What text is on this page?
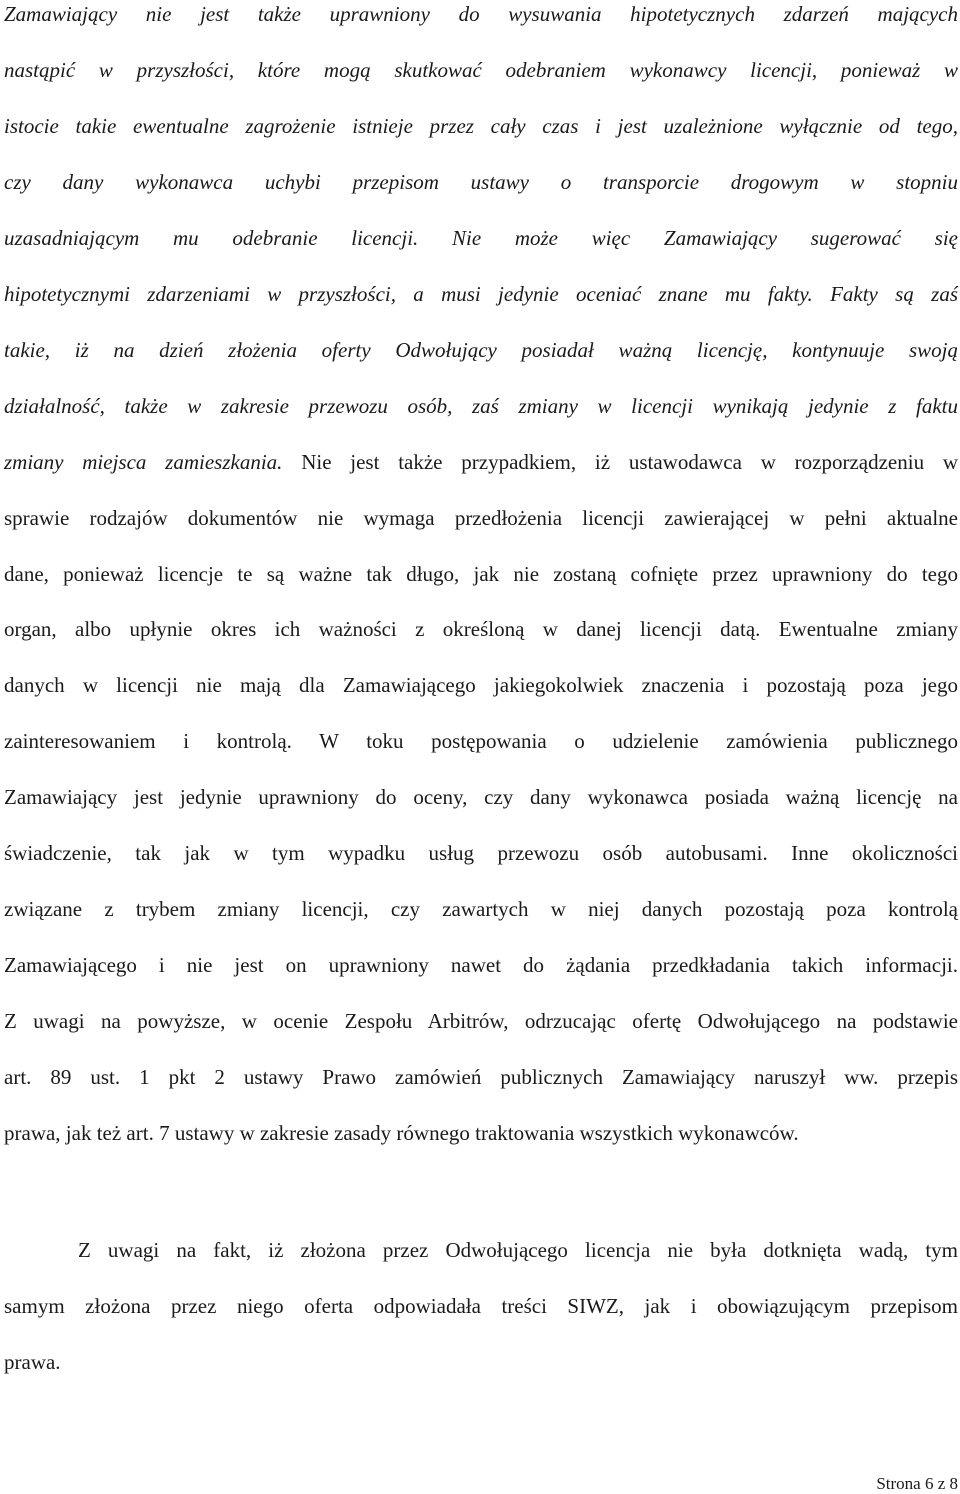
Zamawiający nie jest także uprawniony do wysuwania hipotetycznych zdarzeń mających
nastąpić w przyszłości, które mogą skutkować odebraniem wykonawcy licencji, ponieważ w
istocie takie ewentualne zagrożenie istnieje przez cały czas i jest uzależnione wyłącznie od tego,
czy dany wykonawca uchybi przepisom ustawy o transporcie drogowym w stopniu
uzasadniającym mu odebranie licencji. Nie może więc Zamawiający sugerować się
hipotetycznymi zdarzeniami w przyszłości, a musi jedynie oceniać znane mu fakty. Fakty są zaś
takie, iż na dzień złożenia oferty Odwołujący posiadał ważną licencję, kontynuuje swoją
działalność, także w zakresie przewozu osób, zaś zmiany w licencji wynikają jedynie z faktu
zmiany miejsca zamieszkania. Nie jest także przypadkiem, iż ustawodawca w rozporządzeniu w
sprawie rodzajów dokumentów nie wymaga przedłożenia licencji zawierającej w pełni aktualne
dane, ponieważ licencje te są ważne tak długo, jak nie zostaną cofnięte przez uprawniony do tego
organ, albo upłynie okres ich ważności z określoną w danej licencji datą. Ewentualne zmiany
danych w licencji nie mają dla Zamawiającego jakiegokolwiek znaczenia i pozostają poza jego
zainteresowaniem i kontrolą. W toku postępowania o udzielenie zamówienia publicznego
Zamawiający jest jedynie uprawniony do oceny, czy dany wykonawca posiada ważną licencję na
świadczenie, tak jak w tym wypadku usług przewozu osób autobusami. Inne okoliczności
związane z trybem zmiany licencji, czy zawartych w niej danych pozostają poza kontrolą
Zamawiającego i nie jest on uprawniony nawet do żądania przedkładania takich informacji.
Z uwagi na powyższe, w ocenie Zespołu Arbitrów, odrzucając ofertę Odwołującego na podstawie
art. 89 ust. 1 pkt 2 ustawy Prawo zamówień publicznych Zamawiający naruszył ww. przepis
prawa, jak też art. 7 ustawy w zakresie zasady równego traktowania wszystkich wykonawców.
Z uwagi na fakt, iż złożona przez Odwołującego licencja nie była dotknięta wadą, tym
samym złożona przez niego oferta odpowiadała treści SIWZ, jak i obowiązującym przepisom
prawa.
Strona 6 z 8
